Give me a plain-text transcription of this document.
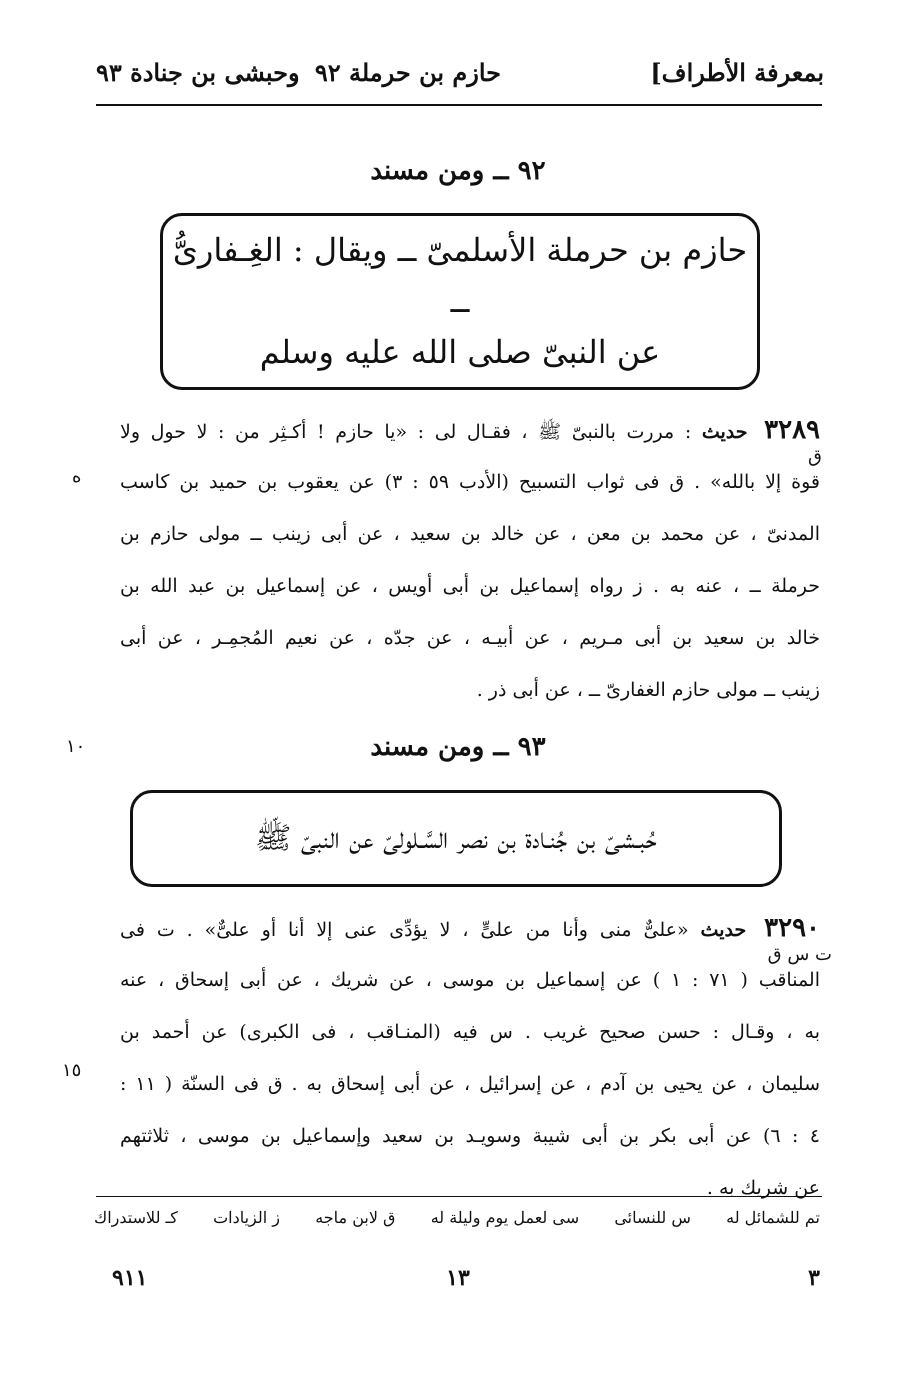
بمعرفة الأطراف]
حازم بن حرملة ٩٢
وحبشى بن جنادة ٩٣
٩٢ ــ ومن مسند
حازم بن حرملة الأسلمىّ ــ ويقال : الغِـفارىُّ ــ
عن النبىّ صلى الله عليه وسلم
٣٢٨٩ حديث : مررت بالنبىّ ﷺ ، فقـال لى : «يا حازم ! أكـثِر من : لا حول ولا
قوة إلا بالله» . ق فى ثواب التسبيح (الأدب ٥٩ : ٣) عن يعقوب بن حميد بن كاسب
المدنىّ ، عن محمد بن معن ، عن خالد بن سعيد ، عن أبى زينب ــ مولى حازم بن
حرملة ــ ، عنه به . ز رواه إسماعيل بن أبى أويس ، عن إسماعيل بن عبد الله بن
خالد بن سعيد بن أبى مـريم ، عن أبيـه ، عن جدّه ، عن نعيم المُجمِـر ، عن أبى
زينب ــ مولى حازم الغفارىّ ــ ، عن أبى ذر .
ق
ه
٩٣ ــ ومن مسند
١٠
حُبـشىّ بن جُنـادة بن نصر السَّـلولىّ عن النبىّ ﷺ
٣٢٩٠ حديث «علىٌّ منى وأنا من علىٍّ ، لا يؤدِّى عنى إلا أنا أو علىٌّ» . ت فى
المناقب ( ٧١ : ١ ) عن إسماعيل بن موسى ، عن شريك ، عن أبى إسحاق ، عنه
به ، وقـال : حسن صحيح غريب . س فيه (المنـاقب ، فى الكبرى) عن أحمد بن
سليمان ، عن يحيى بن آدم ، عن إسرائيل ، عن أبى إسحاق به . ق فى السنّة ( ١١ :
٤ : ٦) عن أبى بكر بن أبى شيبة وسويـد بن سعيد وإسماعيل بن موسى ، ثلاثتهم
عن شريك به .
ت س ق
١٥
تم للشمائل له
س للنسائى
سى لعمل يوم وليلة له
ق لابن ماجه
ز الزيادات
كـ للاستدراك
٣
١٣
٩١١
